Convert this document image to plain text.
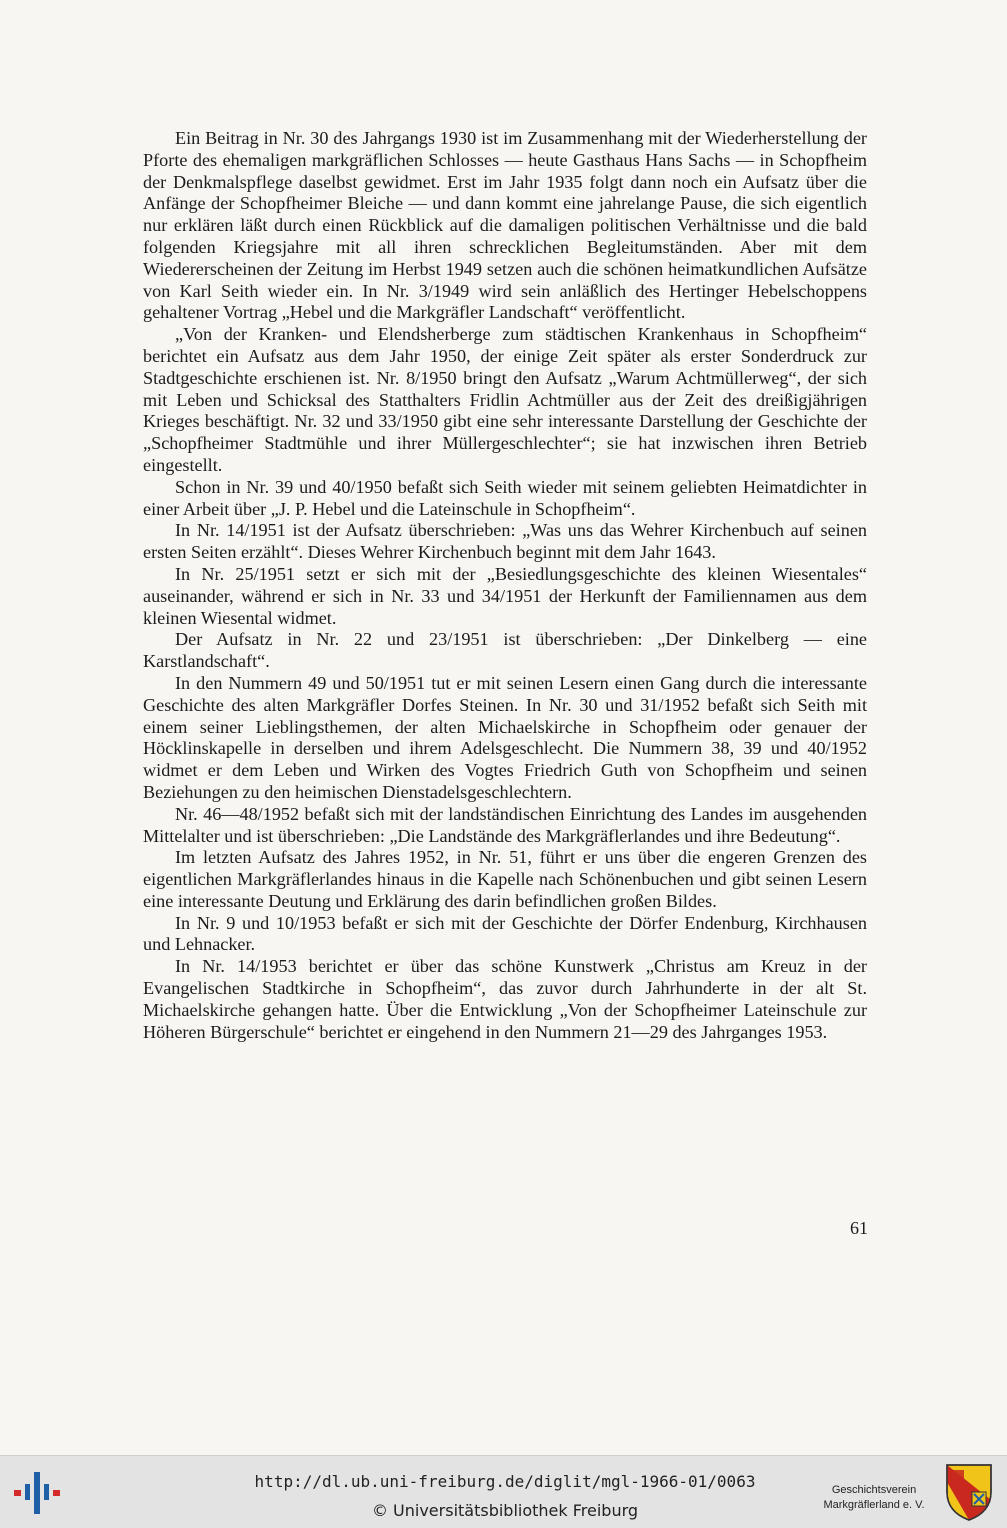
Ein Beitrag in Nr. 30 des Jahrgangs 1930 ist im Zusammenhang mit der Wiederherstellung der Pforte des ehemaligen markgräflichen Schlosses — heute Gasthaus Hans Sachs — in Schopfheim der Denkmalspflege daselbst gewidmet. Erst im Jahr 1935 folgt dann noch ein Aufsatz über die Anfänge der Schopfheimer Bleiche — und dann kommt eine jahrelange Pause, die sich eigentlich nur erklären läßt durch einen Rückblick auf die damaligen politischen Verhältnisse und die bald folgenden Kriegsjahre mit all ihren schrecklichen Begleitumständen. Aber mit dem Wiedererscheinen der Zeitung im Herbst 1949 setzen auch die schönen heimatkundlichen Aufsätze von Karl Seith wieder ein. In Nr. 3/1949 wird sein anläßlich des Hertinger Hebelschoppens gehaltener Vortrag „Hebel und die Markgräfler Landschaft“ veröffentlicht.

„Von der Kranken- und Elendsherberge zum städtischen Krankenhaus in Schopfheim“ berichtet ein Aufsatz aus dem Jahr 1950, der einige Zeit später als erster Sonderdruck zur Stadtgeschichte erschienen ist. Nr. 8/1950 bringt den Aufsatz „Warum Achtmüllerweg“, der sich mit Leben und Schicksal des Statthalters Fridlin Achtmüller aus der Zeit des dreißigjährigen Krieges beschäftigt. Nr. 32 und 33/1950 gibt eine sehr interessante Darstellung der Geschichte der „Schopfheimer Stadtmühle und ihrer Müllergeschlechter“; sie hat inzwischen ihren Betrieb eingestellt.

Schon in Nr. 39 und 40/1950 befaßt sich Seith wieder mit seinem geliebten Heimatdichter in einer Arbeit über „J. P. Hebel und die Lateinschule in Schopfheim“.

In Nr. 14/1951 ist der Aufsatz überschrieben: „Was uns das Wehrer Kirchenbuch auf seinen ersten Seiten erzählt“. Dieses Wehrer Kirchenbuch beginnt mit dem Jahr 1643.

In Nr. 25/1951 setzt er sich mit der „Besiedlungsgeschichte des kleinen Wiesentales“ auseinander, während er sich in Nr. 33 und 34/1951 der Herkunft der Familiennamen aus dem kleinen Wiesental widmet.

Der Aufsatz in Nr. 22 und 23/1951 ist überschrieben: „Der Dinkelberg — eine Karstlandschaft“.

In den Nummern 49 und 50/1951 tut er mit seinen Lesern einen Gang durch die interessante Geschichte des alten Markgräfler Dorfes Steinen. In Nr. 30 und 31/1952 befaßt sich Seith mit einem seiner Lieblingsthemen, der alten Michaelskirche in Schopfheim oder genauer der Höcklinskapelle in derselben und ihrem Adelsgeschlecht. Die Nummern 38, 39 und 40/1952 widmet er dem Leben und Wirken des Vogtes Friedrich Guth von Schopfheim und seinen Beziehungen zu den heimischen Dienstadelsgeschlechtern.

Nr. 46—48/1952 befaßt sich mit der landständischen Einrichtung des Landes im ausgehenden Mittelalter und ist überschrieben: „Die Landstände des Markgräflerlandes und ihre Bedeutung“.

Im letzten Aufsatz des Jahres 1952, in Nr. 51, führt er uns über die engeren Grenzen des eigentlichen Markgräflerlandes hinaus in die Kapelle nach Schönenbuchen und gibt seinen Lesern eine interessante Deutung und Erklärung des darin befindlichen großen Bildes.

In Nr. 9 und 10/1953 befaßt er sich mit der Geschichte der Dörfer Endenburg, Kirchhausen und Lehnacker.

In Nr. 14/1953 berichtet er über das schöne Kunstwerk „Christus am Kreuz in der Evangelischen Stadtkirche in Schopfheim“, das zuvor durch Jahrhunderte in der alt St. Michaelskirche gehangen hatte. Über die Entwicklung „Von der Schopfheimer Lateinschule zur Höheren Bürgerschule“ berichtet er eingehend in den Nummern 21—29 des Jahrganges 1953.

61
http://dl.ub.uni-freiburg.de/diglit/mgl-1966-01/0063
© Universitätsbibliothek Freiburg
Geschichtsverein
Markgräflerland e. V.
